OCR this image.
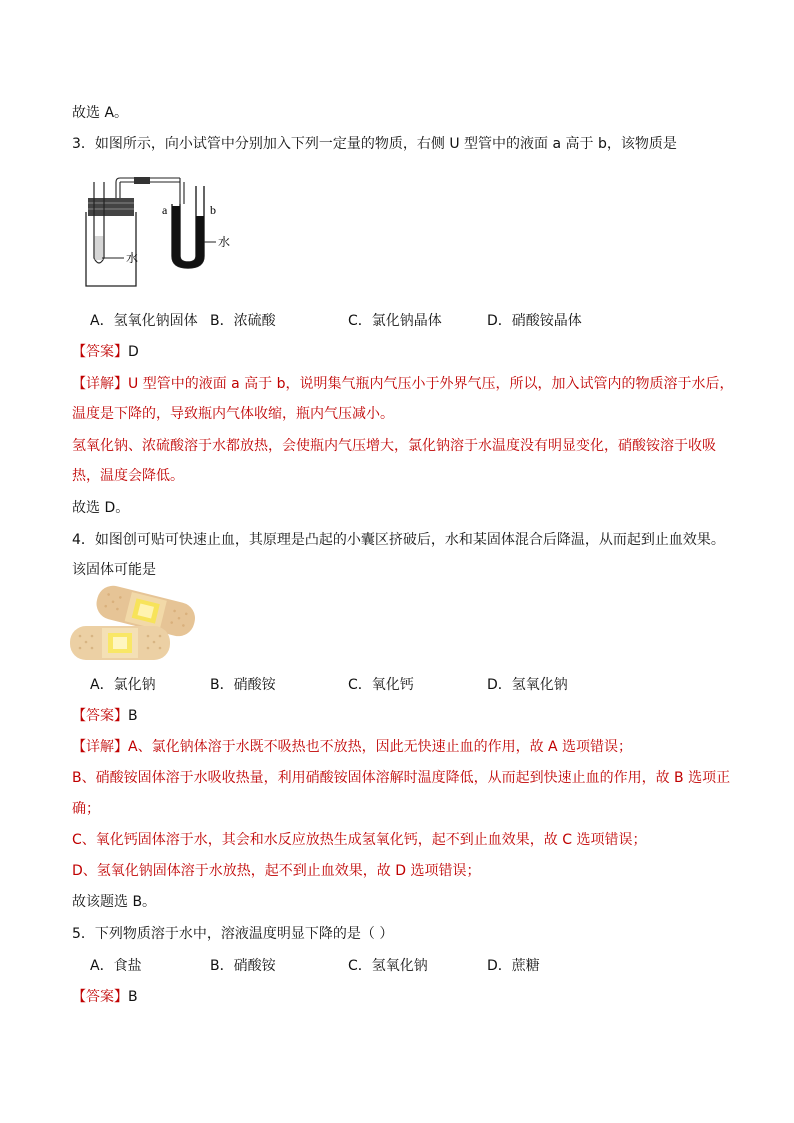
故选 A。
3．如图所示，向小试管中分别加入下列一定量的物质，右侧 U 型管中的液面 a 高于 b，该物质是
a	b
水
水
A．氢氧化钠固体 B．浓硫酸	C．氯化钠晶体	D．硝酸铵晶体
【答案】D
【详解】U 型管中的液面 a 高于 b，说明集气瓶内气压小于外界气压，所以，加入试管内的物质溶于水后，
温度是下降的，导致瓶内气体收缩，瓶内气压减小。
氢氧化钠、浓硫酸溶于水都放热，会使瓶内气压增大，氯化钠溶于水温度没有明显变化，硝酸铵溶于收吸
热，温度会降低。
故选 D。
4．如图创可贴可快速止血，其原理是凸起的小囊区挤破后，水和某固体混合后降温，从而起到止血效果。
该固体可能是
A．氯化钠	B．硝酸铵	C．氧化钙	D．氢氧化钠
【答案】B
【详解】A、氯化钠体溶于水既不吸热也不放热，因此无快速止血的作用，故 A 选项错误；
B、硝酸铵固体溶于水吸收热量，利用硝酸铵固体溶解时温度降低，从而起到快速止血的作用，故 B 选项正
确；
C、氧化钙固体溶于水，其会和水反应放热生成氢氧化钙，起不到止血效果，故 C 选项错误；
D、氢氧化钠固体溶于水放热，起不到止血效果，故 D 选项错误；
故该题选 B。
5．下列物质溶于水中，溶液温度明显下降的是（ ）
A．食盐	B．硝酸铵	C．氢氧化钠	D．蔗糖
【答案】B
